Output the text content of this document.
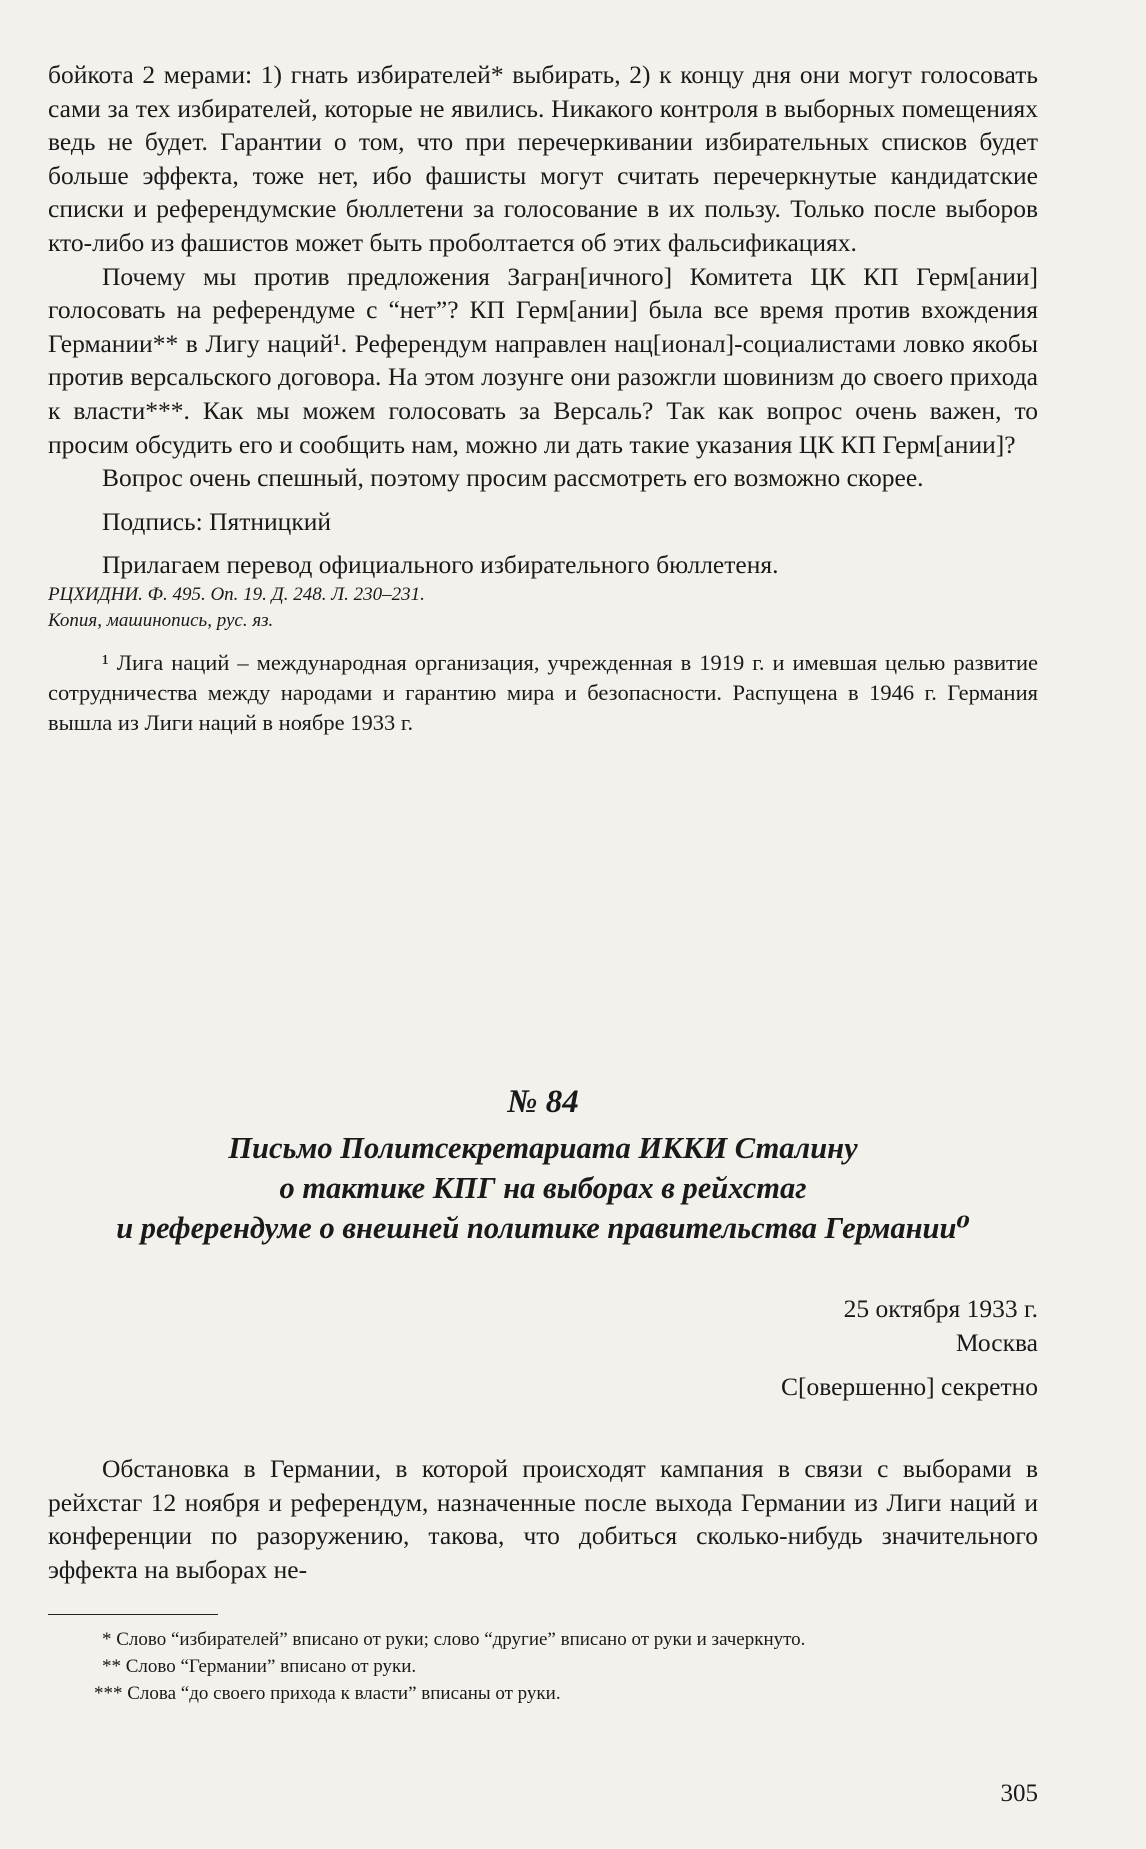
бойкота 2 мерами: 1) гнать избирателей* выбирать, 2) к концу дня они могут голосовать сами за тех избирателей, которые не явились. Никакого контроля в выборных помещениях ведь не будет. Гарантии о том, что при перечеркивании избирательных списков будет больше эффекта, тоже нет, ибо фашисты могут считать перечеркнутые кандидатские списки и референдумские бюллетени за голосование в их пользу. Только после выборов кто-либо из фашистов может быть проболтается об этих фальсификациях.

Почему мы против предложения Загран[ичного] Комитета ЦК КП Герм[ании] голосовать на референдуме с “нет”? КП Герм[ании] была все время против вхождения Германии** в Лигу наций¹. Референдум направлен нац[ионал]-социалистами ловко якобы против версальского договора. На этом лозунге они разожгли шовинизм до своего прихода к власти***. Как мы можем голосовать за Версаль? Так как вопрос очень важен, то просим обсудить его и сообщить нам, можно ли дать такие указания ЦК КП Герм[ании]?

Вопрос очень спешный, поэтому просим рассмотреть его возможно скорее.

Подпись: Пятницкий

Прилагаем перевод официального избирательного бюллетеня.

РЦХИДНИ. Ф. 495. Оп. 19. Д. 248. Л. 230–231.

Копия, машинопись, рус. яз.

¹ Лига наций – международная организация, учрежденная в 1919 г. и имевшая целью развитие сотрудничества между народами и гарантию мира и безопасности. Распущена в 1946 г. Германия вышла из Лиги наций в ноябре 1933 г.

№ 84

Письмо Политсекретариата ИККИ Сталину

о тактике КПГ на выборах в рейхстаг

и референдуме о внешней политике правительства Германии⁰

25 октября 1933 г.

Москва

С[овершенно] секретно

Обстановка в Германии, в которой происходят кампания в связи с выборами в рейхстаг 12 ноября и референдум, назначенные после выхода Германии из Лиги наций и конференции по разоружению, такова, что добиться сколько-нибудь значительного эффекта на выборах не-

* Слово “избирателей” вписано от руки; слово “другие” вписано от руки и зачеркнуто.

** Слово “Германии” вписано от руки.

*** Слова “до своего прихода к власти” вписаны от руки.

305
